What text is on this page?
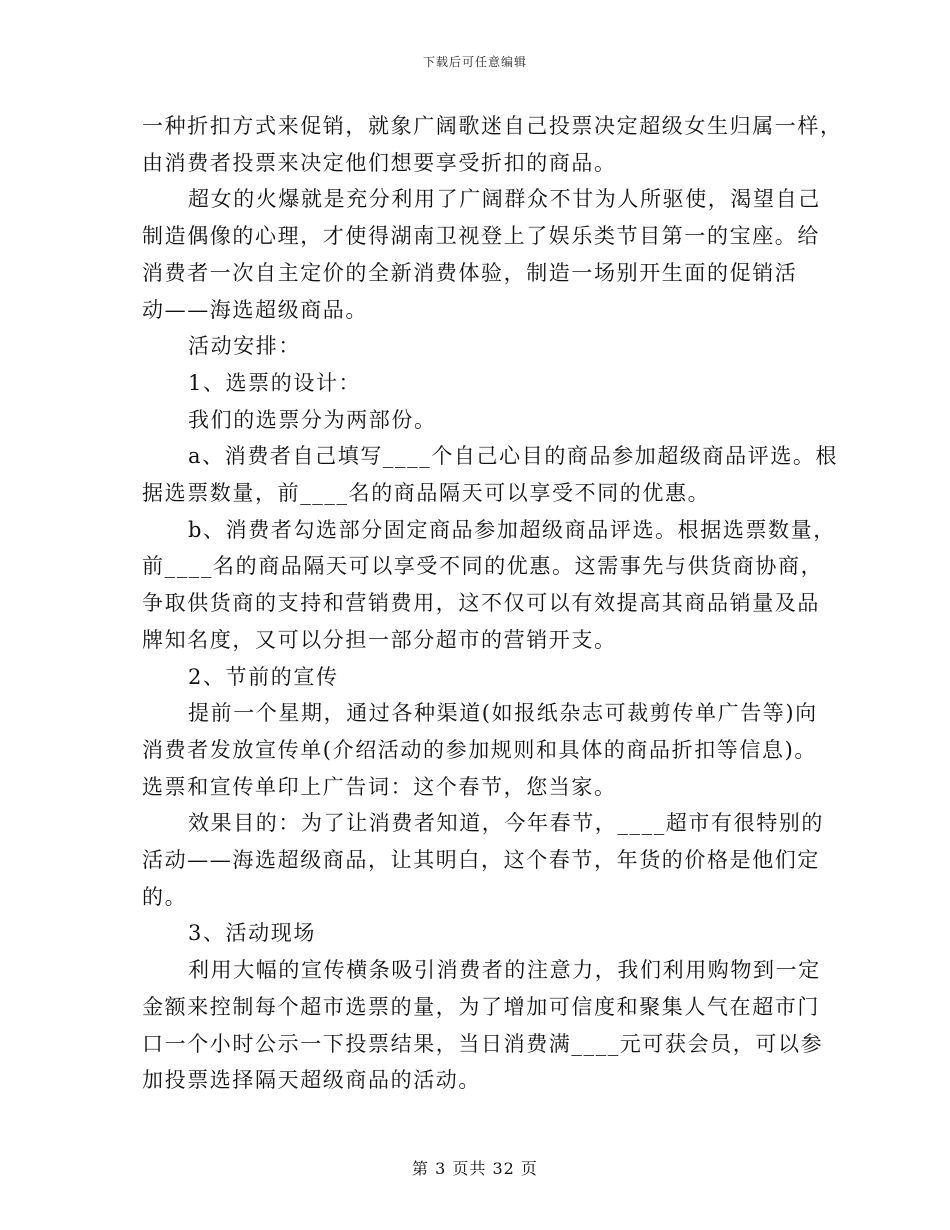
下载后可任意编辑

一种折扣方式来促销，就象广阔歌迷自己投票决定超级女生归属一样，

由消费者投票来决定他们想要享受折扣的商品。

超女的火爆就是充分利用了广阔群众不甘为人所驱使，渴望自己

制造偶像的心理，才使得湖南卫视登上了娱乐类节目第一的宝座。给

消费者一次自主定价的全新消费体验，制造一场别开生面的促销活

动——海选超级商品。

活动安排：

1、选票的设计：

我们的选票分为两部份。

a、消费者自己填写____个自己心目的商品参加超级商品评选。根

据选票数量，前____名的商品隔天可以享受不同的优惠。

b、消费者勾选部分固定商品参加超级商品评选。根据选票数量，

前____名的商品隔天可以享受不同的优惠。这需事先与供货商协商，

争取供货商的支持和营销费用，这不仅可以有效提高其商品销量及品

牌知名度，又可以分担一部分超市的营销开支。

2、节前的宣传

提前一个星期，通过各种渠道(如报纸杂志可裁剪传单广告等)向

消费者发放宣传单(介绍活动的参加规则和具体的商品折扣等信息)。

选票和宣传单印上广告词：这个春节，您当家。

效果目的：为了让消费者知道，今年春节，____超市有很特别的

活动——海选超级商品，让其明白，这个春节，年货的价格是他们定

的。

3、活动现场

利用大幅的宣传横条吸引消费者的注意力，我们利用购物到一定

金额来控制每个超市选票的量，为了增加可信度和聚集人气在超市门

口一个小时公示一下投票结果，当日消费满____元可获会员，可以参

加投票选择隔天超级商品的活动。

第 3 页共 32 页
